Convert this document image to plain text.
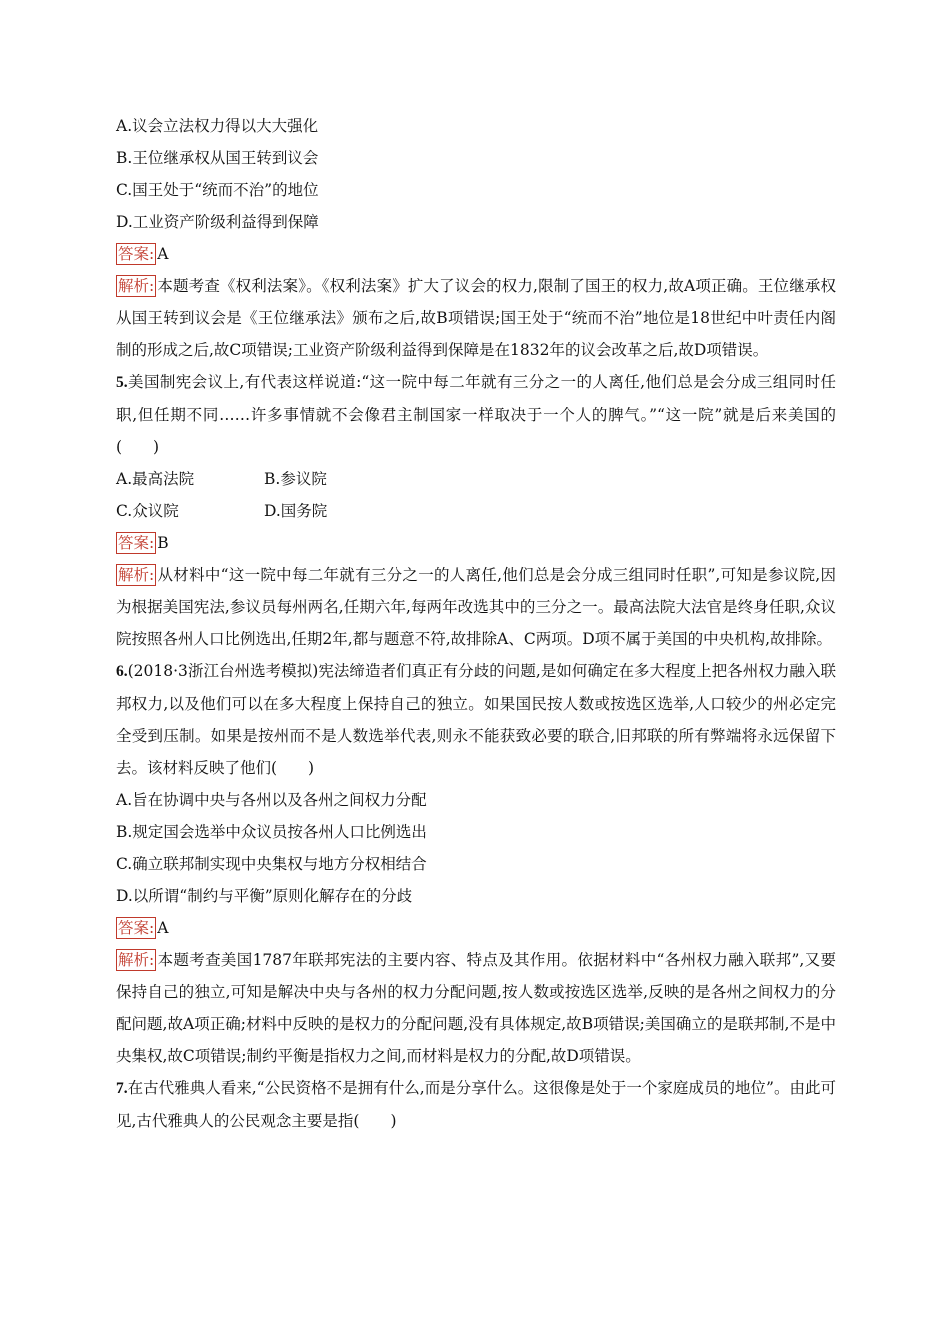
A.议会立法权力得以大大强化
B.王位继承权从国王转到议会
C.国王处于“统而不治”的地位
D.工业资产阶级利益得到保障
答案: A
解析: 本题考查《权利法案》。《权利法案》扩大了议会的权力,限制了国王的权力,故A项正确。王位继承权从国王转到议会是《王位继承法》颁布之后,故B项错误;国王处于“统而不治”地位是18世纪中叶责任内阁制的形成之后,故C项错误;工业资产阶级利益得到保障是在1832年的议会改革之后,故D项错误。
5.美国制宪会议上,有代表这样说道:“这一院中每二年就有三分之一的人离任,他们总是会分成三组同时任职,但任期不同……许多事情就不会像君主制国家一样取决于一个人的脾气。”“这一院”就是后来美国的(　　)
A.最高法院	B.参议院
C.众议院	D.国务院
答案: B
解析: 从材料中“这一院中每二年就有三分之一的人离任,他们总是会分成三组同时任职”,可知是参议院,因为根据美国宪法,参议员每州两名,任期六年,每两年改选其中的三分之一。最高法院大法官是终身任职,众议院按照各州人口比例选出,任期2年,都与题意不符,故排除A、C两项。D项不属于美国的中央机构,故排除。
6.(2018·3浙江台州选考模拟)宪法缔造者们真正有分歧的问题,是如何确定在多大程度上把各州权力融入联邦权力,以及他们可以在多大程度上保持自己的独立。如果国民按人数或按选区选举,人口较少的州必定完全受到压制。如果是按州而不是人数选举代表,则永不能获致必要的联合,旧邦联的所有弊端将永远保留下去。该材料反映了他们(　　)
A.旨在协调中央与各州以及各州之间权力分配
B.规定国会选举中众议员按各州人口比例选出
C.确立联邦制实现中央集权与地方分权相结合
D.以所谓“制约与平衡”原则化解存在的分歧
答案: A
解析: 本题考查美国1787年联邦宪法的主要内容、特点及其作用。依据材料中“各州权力融入联邦”,又要保持自己的独立,可知是解决中央与各州的权力分配问题,按人数或按选区选举,反映的是各州之间权力的分配问题,故A项正确;材料中反映的是权力的分配问题,没有具体规定,故B项错误;美国确立的是联邦制,不是中央集权,故C项错误;制约平衡是指权力之间,而材料是权力的分配,故D项错误。
7.在古代雅典人看来,“公民资格不是拥有什么,而是分享什么。这很像是处于一个家庭成员的地位”。由此可见,古代雅典人的公民观念主要是指(　　)
